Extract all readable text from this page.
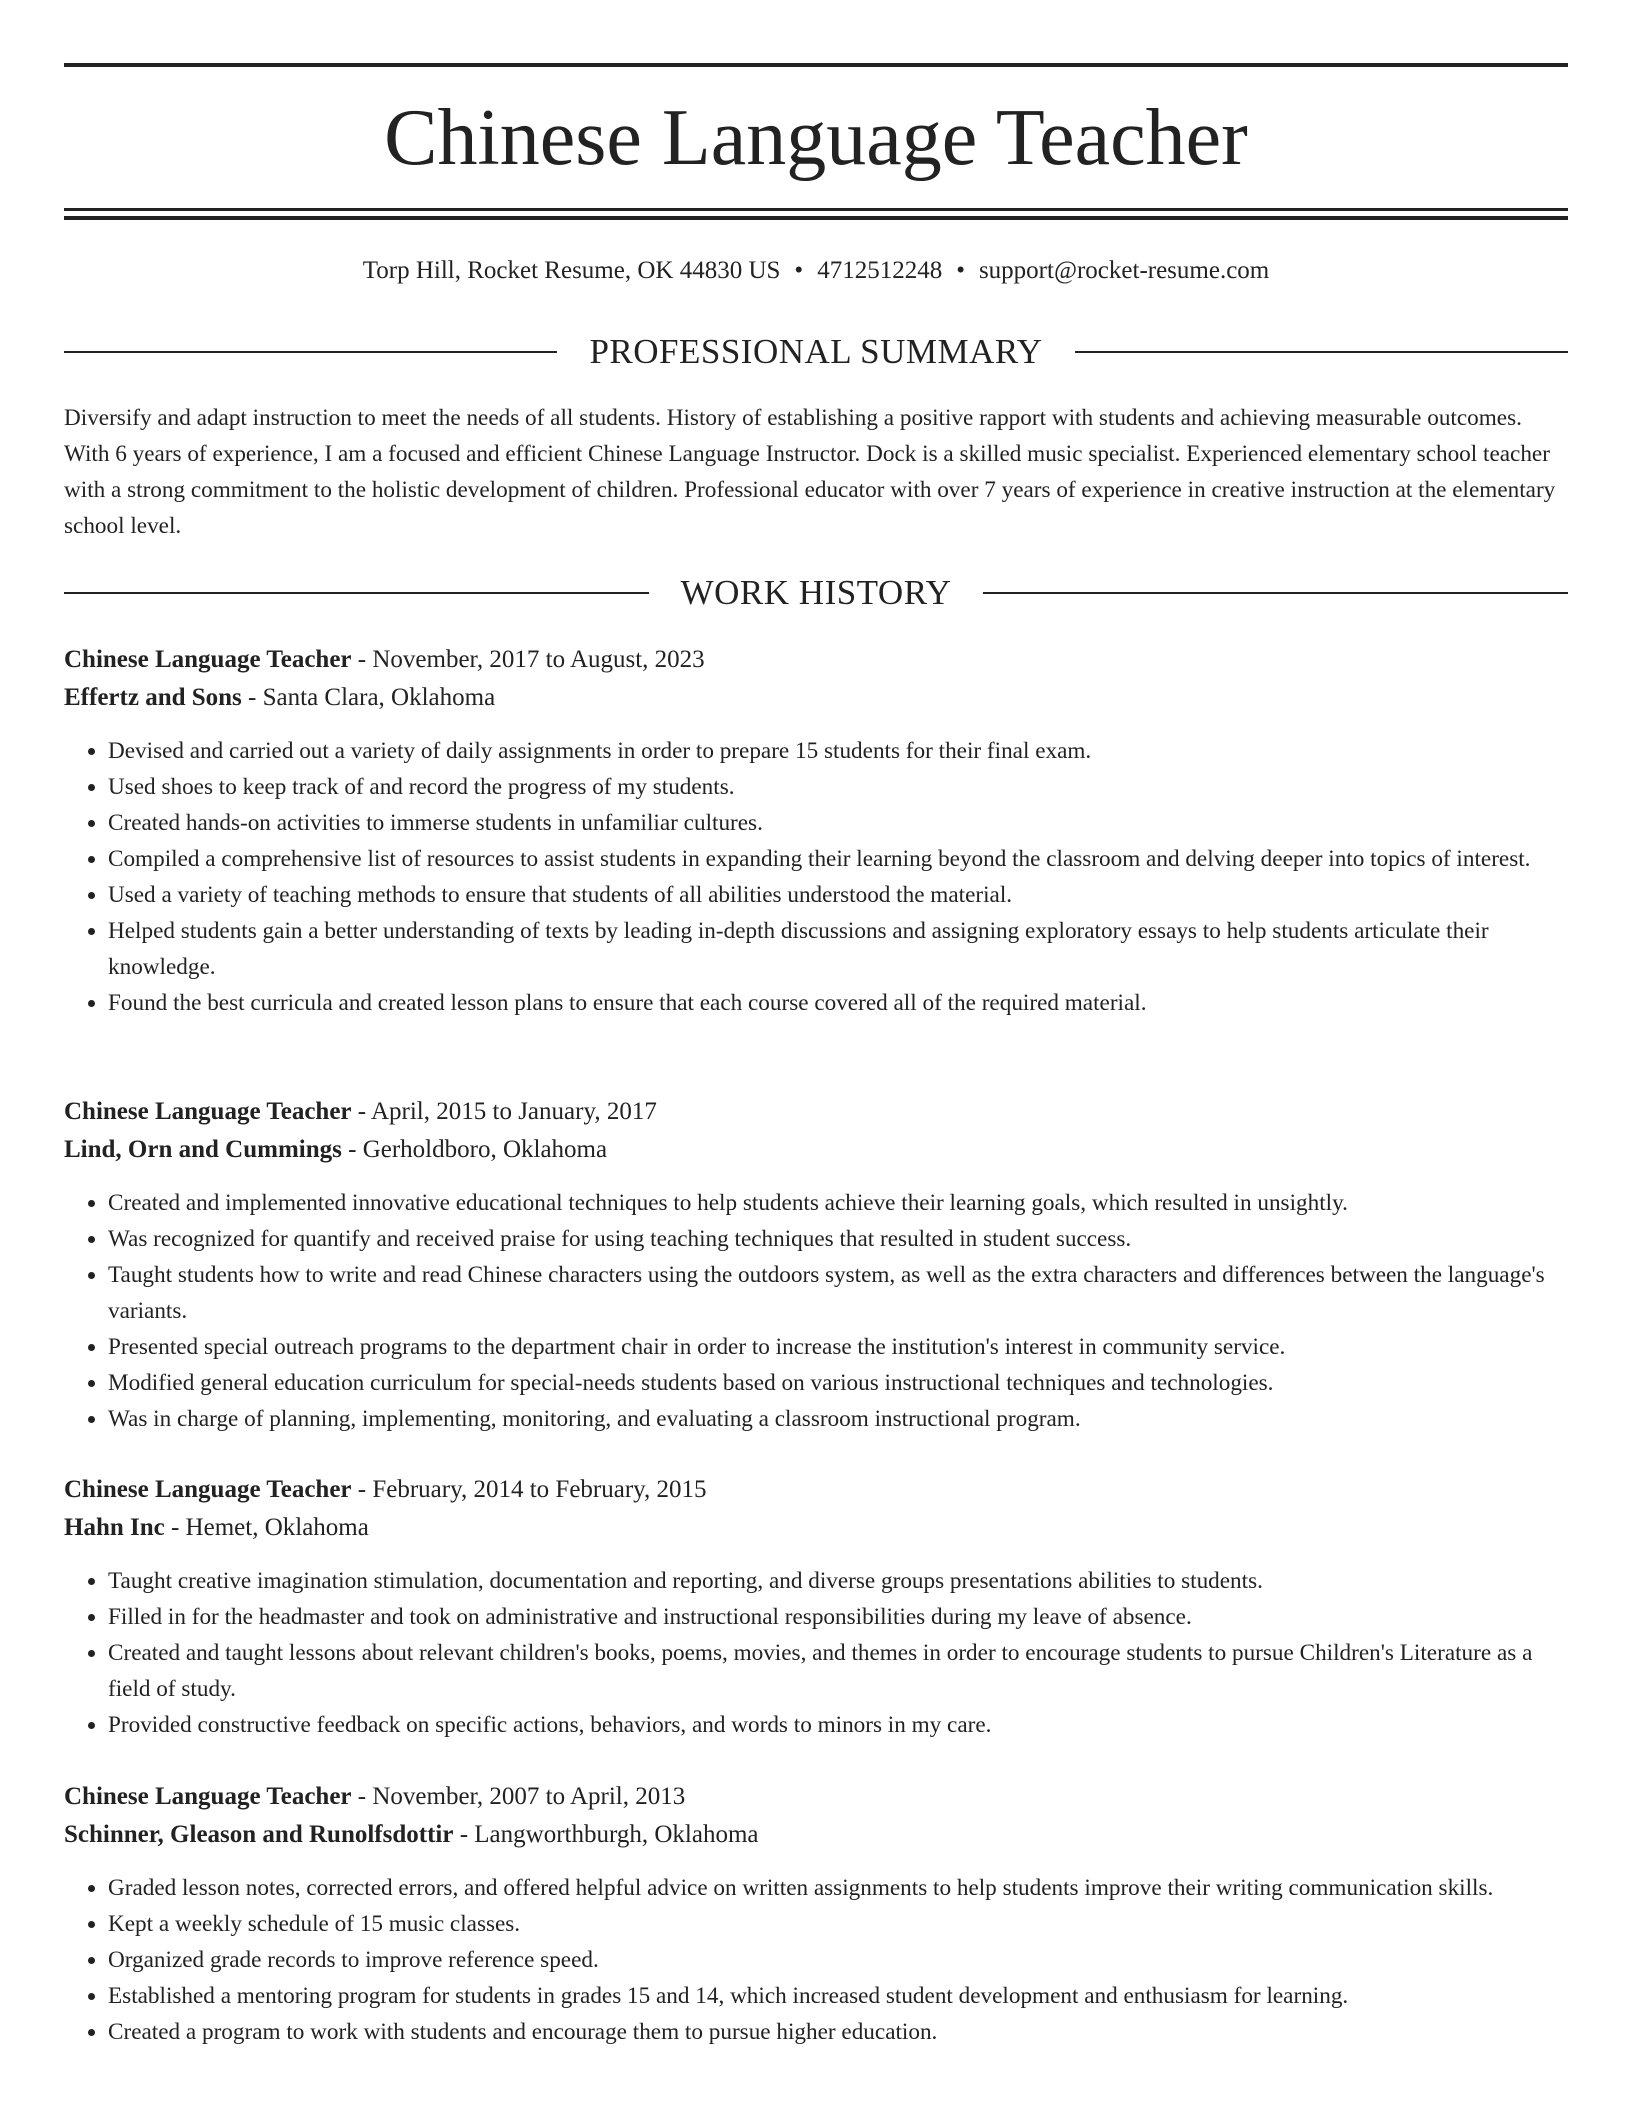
Chinese Language Teacher
Torp Hill, Rocket Resume, OK 44830 US • 4712512248 • support@rocket-resume.com
PROFESSIONAL SUMMARY

Diversify and adapt instruction to meet the needs of all students. History of establishing a positive rapport with students and achieving measurable outcomes. With 6 years of experience, I am a focused and efficient Chinese Language Instructor. Dock is a skilled music specialist. Experienced elementary school teacher with a strong commitment to the holistic development of children. Professional educator with over 7 years of experience in creative instruction at the elementary school level.

WORK HISTORY
Chinese Language Teacher - November, 2017 to August, 2023
Effertz and Sons - Santa Clara, Oklahoma
• Devised and carried out a variety of daily assignments in order to prepare 15 students for their final exam.
• Used shoes to keep track of and record the progress of my students.
• Created hands-on activities to immerse students in unfamiliar cultures.
• Compiled a comprehensive list of resources to assist students in expanding their learning beyond the classroom and delving deeper into topics of interest.
• Used a variety of teaching methods to ensure that students of all abilities understood the material.
• Helped students gain a better understanding of texts by leading in-depth discussions and assigning exploratory essays to help students articulate their knowledge.
• Found the best curricula and created lesson plans to ensure that each course covered all of the required material.
Chinese Language Teacher - April, 2015 to January, 2017
Lind, Orn and Cummings - Gerholdboro, Oklahoma
• Created and implemented innovative educational techniques to help students achieve their learning goals, which resulted in unsightly.
• Was recognized for quantify and received praise for using teaching techniques that resulted in student success.
• Taught students how to write and read Chinese characters using the outdoors system, as well as the extra characters and differences between the language's variants.
• Presented special outreach programs to the department chair in order to increase the institution's interest in community service.
• Modified general education curriculum for special-needs students based on various instructional techniques and technologies.
• Was in charge of planning, implementing, monitoring, and evaluating a classroom instructional program.
Chinese Language Teacher - February, 2014 to February, 2015
Hahn Inc - Hemet, Oklahoma
• Taught creative imagination stimulation, documentation and reporting, and diverse groups presentations abilities to students.
• Filled in for the headmaster and took on administrative and instructional responsibilities during my leave of absence.
• Created and taught lessons about relevant children's books, poems, movies, and themes in order to encourage students to pursue Children's Literature as a field of study.
• Provided constructive feedback on specific actions, behaviors, and words to minors in my care.
Chinese Language Teacher - November, 2007 to April, 2013
Schinner, Gleason and Runolfsdottir - Langworthburgh, Oklahoma
• Graded lesson notes, corrected errors, and offered helpful advice on written assignments to help students improve their writing communication skills.
• Kept a weekly schedule of 15 music classes.
• Organized grade records to improve reference speed.
• Established a mentoring program for students in grades 15 and 14, which increased student development and enthusiasm for learning.
• Created a program to work with students and encourage them to pursue higher education.
